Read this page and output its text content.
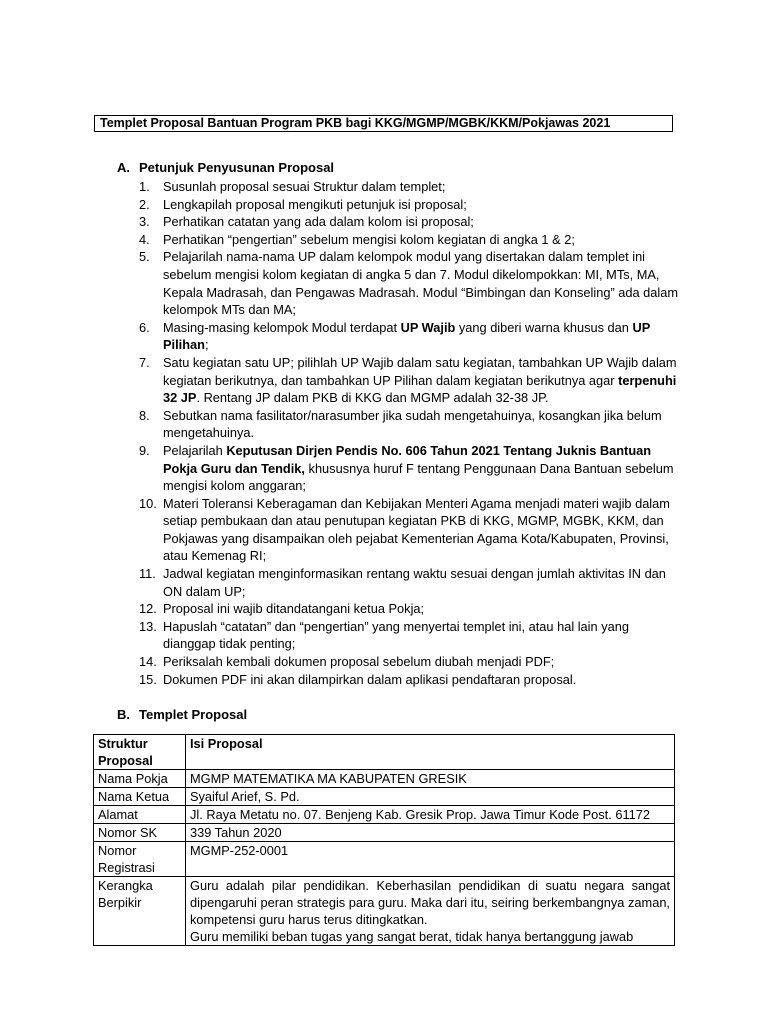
Templet Proposal Bantuan Program PKB bagi KKG/MGMP/MGBK/KKM/Pokjawas 2021
A. Petunjuk Penyusunan Proposal
1.	Susunlah proposal sesuai Struktur dalam templet;
2.	Lengkapilah proposal mengikuti petunjuk isi proposal;
3.	Perhatikan catatan yang ada dalam kolom isi proposal;
4.	Perhatikan “pengertian” sebelum mengisi kolom kegiatan di angka 1 & 2;
5.	Pelajarilah nama-nama UP dalam kelompok modul yang disertakan dalam templet ini sebelum mengisi kolom kegiatan di angka 5 dan 7. Modul dikelompokkan: MI, MTs, MA, Kepala Madrasah, dan Pengawas Madrasah. Modul “Bimbingan dan Konseling” ada dalam kelompok MTs dan MA;
6.	Masing-masing kelompok Modul terdapat UP Wajib yang diberi warna khusus dan UP Pilihan;
7.	Satu kegiatan satu UP; pilihlah UP Wajib dalam satu kegiatan, tambahkan UP Wajib dalam kegiatan berikutnya, dan tambahkan UP Pilihan dalam kegiatan berikutnya agar terpenuhi 32 JP. Rentang JP dalam PKB di KKG dan MGMP adalah 32-38 JP.
8.	Sebutkan nama fasilitator/narasumber jika sudah mengetahuinya, kosangkan jika belum mengetahuinya.
9.	Pelajarilah Keputusan Dirjen Pendis No. 606 Tahun 2021 Tentang Juknis Bantuan Pokja Guru dan Tendik, khususnya huruf F tentang Penggunaan Dana Bantuan sebelum mengisi kolom anggaran;
10. Materi Toleransi Keberagaman dan Kebijakan Menteri Agama menjadi materi wajib dalam setiap pembukaan dan atau penutupan kegiatan PKB di KKG, MGMP, MGBK, KKM, dan Pokjawas yang disampaikan oleh pejabat Kementerian Agama Kota/Kabupaten, Provinsi, atau Kemenag RI;
11. Jadwal kegiatan menginformasikan rentang waktu sesuai dengan jumlah aktivitas IN dan ON dalam UP;
12. Proposal ini wajib ditandatangani ketua Pokja;
13. Hapuslah “catatan” dan “pengertian” yang menyertai templet ini, atau hal lain yang dianggap tidak penting;
14. Periksalah kembali dokumen proposal sebelum diubah menjadi PDF;
15. Dokumen PDF ini akan dilampirkan dalam aplikasi pendaftaran proposal.
B. Templet Proposal
Struktur Proposal	Isi Proposal
Nama Pokja	MGMP MATEMATIKA MA KABUPATEN GRESIK
Nama Ketua	Syaiful Arief, S. Pd.
Alamat	Jl. Raya Metatu no. 07. Benjeng Kab. Gresik Prop. Jawa Timur Kode Post. 61172
Nomor SK	339 Tahun 2020
Nomor Registrasi	MGMP-252-0001
Kerangka Berpikir	Guru adalah pilar pendidikan. Keberhasilan pendidikan di suatu negara sangat dipengaruhi peran strategis para guru. Maka dari itu, seiring berkembangnya zaman, kompetensi guru harus terus ditingkatkan.
Guru memiliki beban tugas yang sangat berat, tidak hanya bertanggung jawab
